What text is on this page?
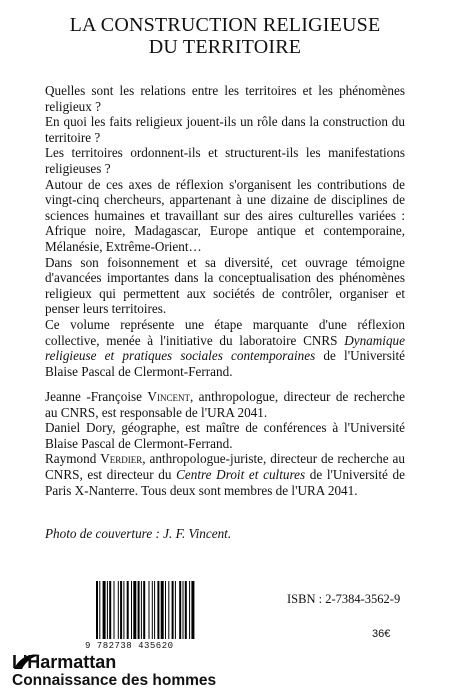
LA CONSTRUCTION RELIGIEUSE
DU TERRITOIRE

Quelles sont les relations entre les territoires et les phénomènes religieux ?

En quoi les faits religieux jouent-ils un rôle dans la construction du territoire ?

Les territoires ordonnent-ils et structurent-ils les manifestations religieuses ?

Autour de ces axes de réflexion s'organisent les contributions de vingt-cinq chercheurs, appartenant à une dizaine de disciplines de sciences humaines et travaillant sur des aires culturelles variées : Afrique noire, Madagascar, Europe antique et contemporaine, Mélanésie, Extrême-Orient…

Dans son foisonnement et sa diversité, cet ouvrage témoigne d'avancées importantes dans la conceptualisation des phénomènes religieux qui permettent aux sociétés de contrôler, organiser et penser leurs territoires.

Ce volume représente une étape marquante d'une réflexion collective, menée à l'initiative du laboratoire CNRS Dynamique religieuse et pratiques sociales contemporaines de l'Université Blaise Pascal de Clermont-Ferrand.

Jeanne -Françoise Vincent, anthropologue, directeur de recherche au CNRS, est responsable de l'URA 2041.

Daniel Dory, géographe, est maître de conférences à l'Université Blaise Pascal de Clermont-Ferrand.

Raymond Verdier, anthropologue-juriste, directeur de recherche au CNRS, est directeur du Centre Droit et cultures de l'Université de Paris X-Nanterre. Tous deux sont membres de l'URA 2041.

Photo de couverture : J. F. Vincent.
ISBN : 2-7384-3562-9
9 782738 435620
36€
L'Harmattan
Connaissance des hommes
